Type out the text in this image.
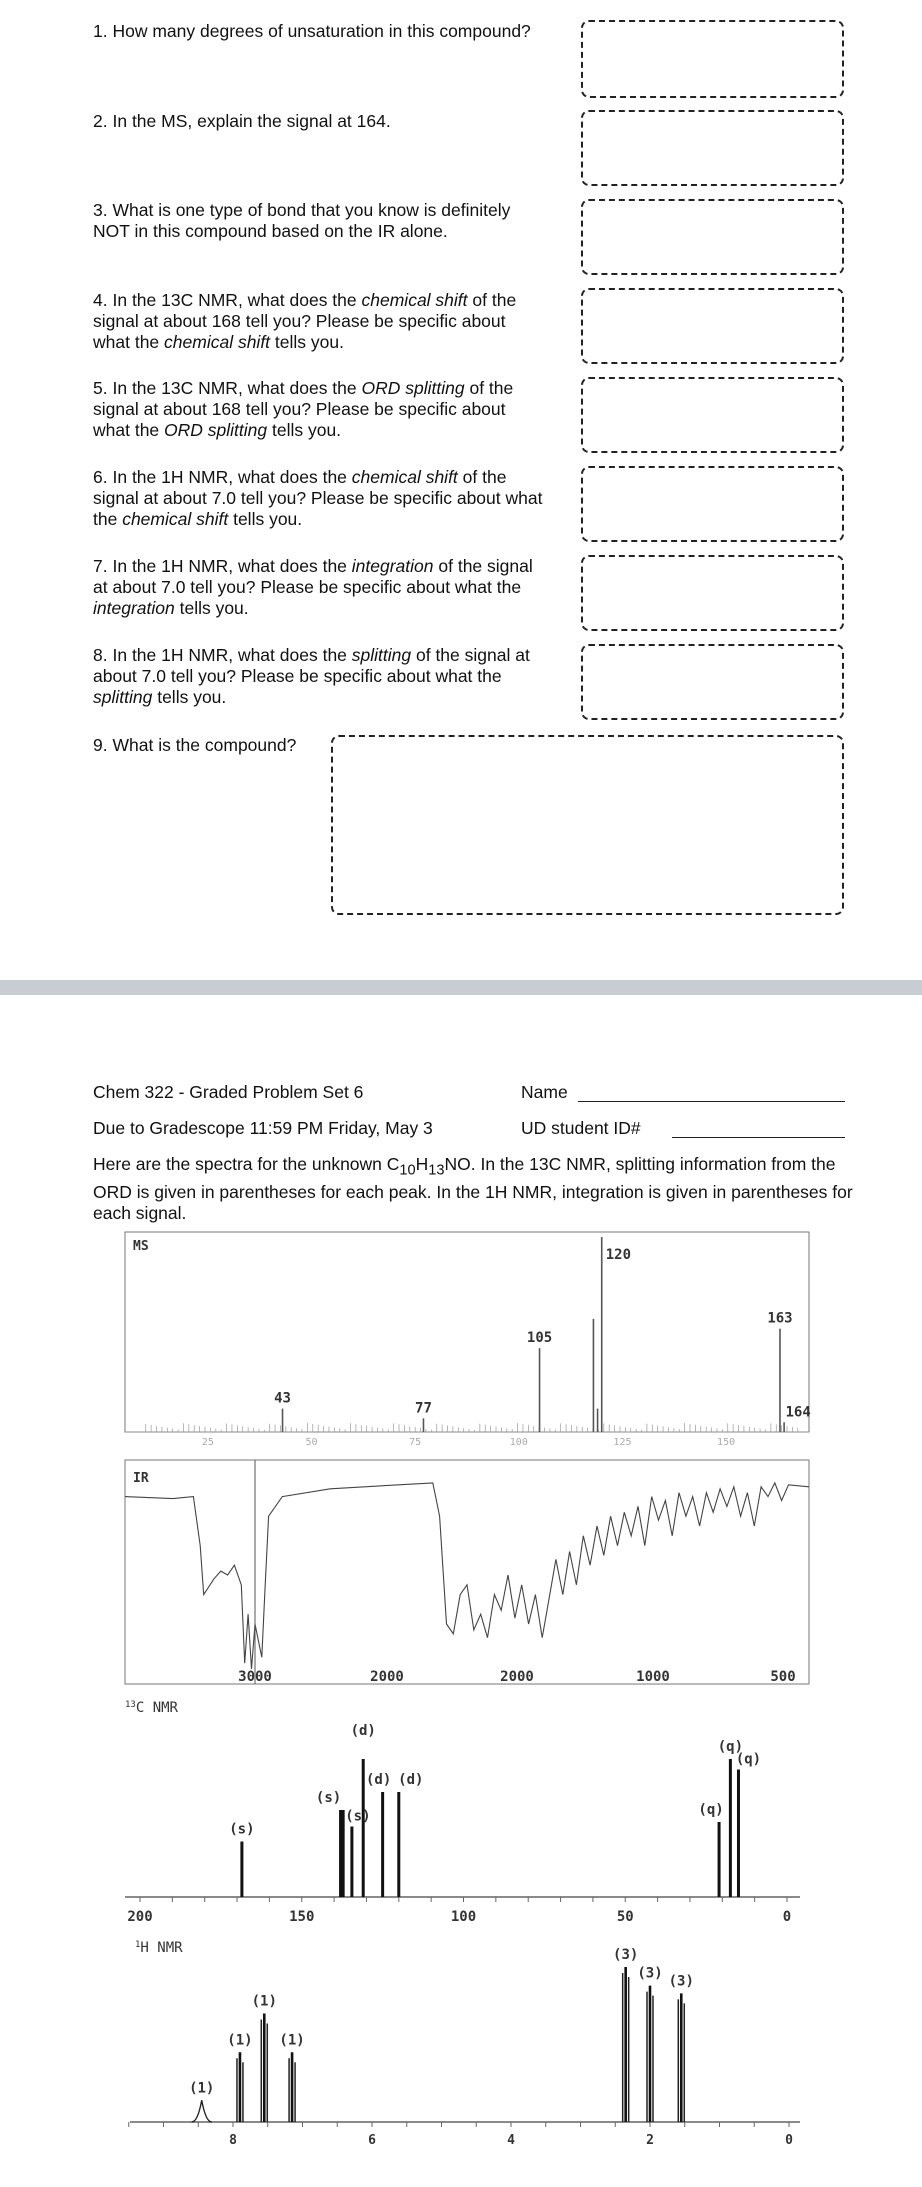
1. How many degrees of unsaturation in this compound?
2. In the MS, explain the signal at 164.
3. What is one type of bond that you know is definitely NOT in this compound based on the IR alone.
4. In the 13C NMR, what does the chemical shift of the signal at about 168 tell you? Please be specific about what the chemical shift tells you.
5. In the 13C NMR, what does the ORD splitting of the signal at about 168 tell you? Please be specific about what the ORD splitting tells you.
6. In the 1H NMR, what does the chemical shift of the signal at about 7.0 tell you? Please be specific about what the chemical shift tells you.
7. In the 1H NMR, what does the integration of the signal at about 7.0 tell you? Please be specific about what the integration tells you.
8. In the 1H NMR, what does the splitting of the signal at about 7.0 tell you? Please be specific about what the splitting tells you.
9. What is the compound?
Chem 322 - Graded Problem Set 6	Name
Due to Gradescope 11:59 PM Friday, May 3	UD student ID#
Here are the spectra for the unknown $C_{10}H_{13}NO$. In the 13C NMR, splitting information from the ORD is given in parentheses for each peak. In the 1H NMR, integration is given in parentheses for each signal.
MS
43
77
105
120
163
164
25	50	75	100	125	150
IR
3000	2000	2000	1000	500
$^{13}$C NMR
200	150	100	50	0
(s)
(s)
(s)
(d)
(d) (d)
(q)
(q)
(q)
$^1$H NMR
8	6	4	2	0
(1)
(1)
(1)
(1)
(3)
(3) (3)
